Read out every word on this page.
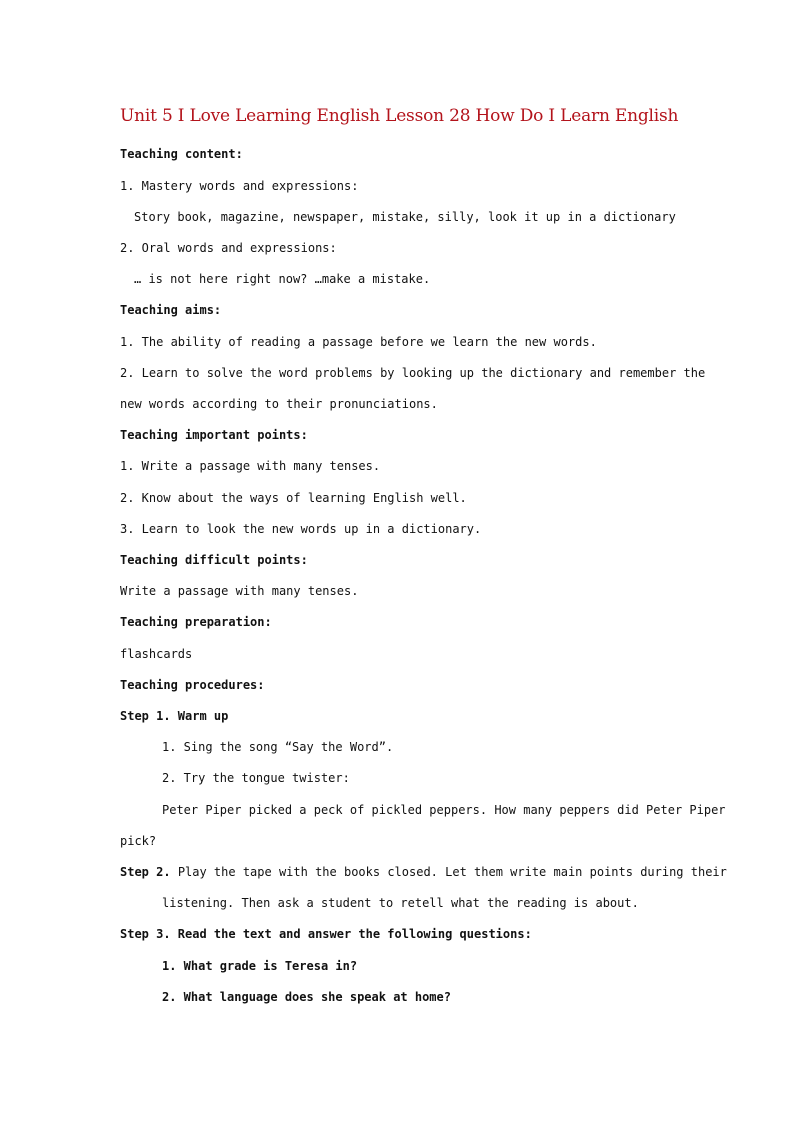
Unit 5 I Love Learning English Lesson 28 How Do I Learn English
Teaching content:
1. Mastery words and expressions:
Story book, magazine, newspaper, mistake, silly, look it up in a dictionary
2. Oral words and expressions:
… is not here right now? …make a mistake.
Teaching aims:
1. The ability of reading a passage before we learn the new words.
2. Learn to solve the word problems by looking up the dictionary and remember the
new words according to their pronunciations.
Teaching important points:
1. Write a passage with many tenses.
2. Know about the ways of learning English well.
3. Learn to look the new words up in a dictionary.
Teaching difficult points:
Write a passage with many tenses.
Teaching preparation:
flashcards
Teaching procedures:
Step 1. Warm up
1. Sing the song “Say the Word”.
2. Try the tongue twister:
Peter Piper picked a peck of pickled peppers. How many peppers did Peter Piper
pick?
Step 2. Play the tape with the books closed. Let them write main points during their
listening. Then ask a student to retell what the reading is about.
Step 3. Read the text and answer the following questions:
1. What grade is Teresa in?
2. What language does she speak at home?
